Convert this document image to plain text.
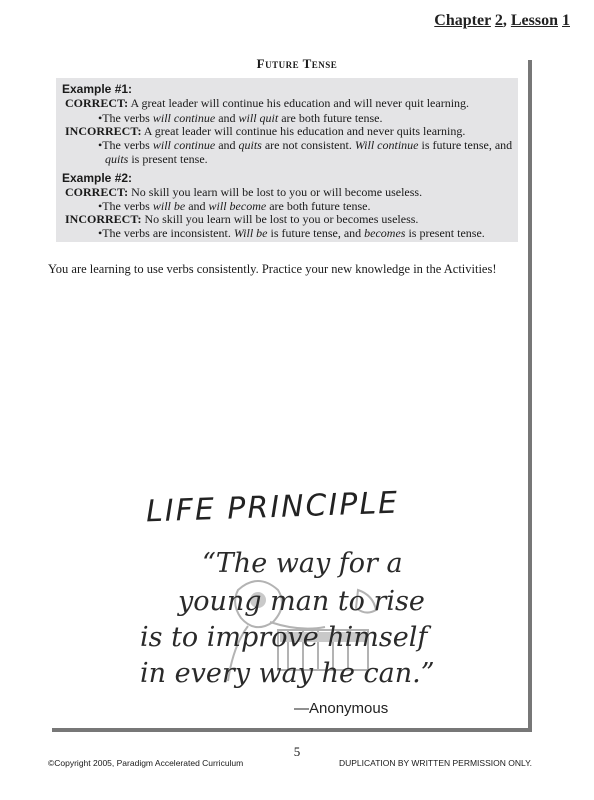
Chapter 2, Lesson 1
Future Tense
Example #1:
CORRECT: A great leader will continue his education and will never quit learning.
•The verbs will continue and will quit are both future tense.
INCORRECT: A great leader will continue his education and never quits learning.
•The verbs will continue and quits are not consistent. Will continue is future tense, and
quits is present tense.
Example #2:
CORRECT: No skill you learn will be lost to you or will become useless.
•The verbs will be and will become are both future tense.
INCORRECT: No skill you learn will be lost to you or becomes useless.
•The verbs are inconsistent. Will be is future tense, and becomes is present tense.
You are learning to use verbs consistently. Practice your new knowledge in the Activities!
LIFE PRINCIPLE
“The way for a
young man to rise
is to improve himself
in every way he can.”
—Anonymous
5
©Copyright 2005, Paradigm Accelerated Curriculum	DUPLICATION BY WRITTEN PERMISSION ONLY.
